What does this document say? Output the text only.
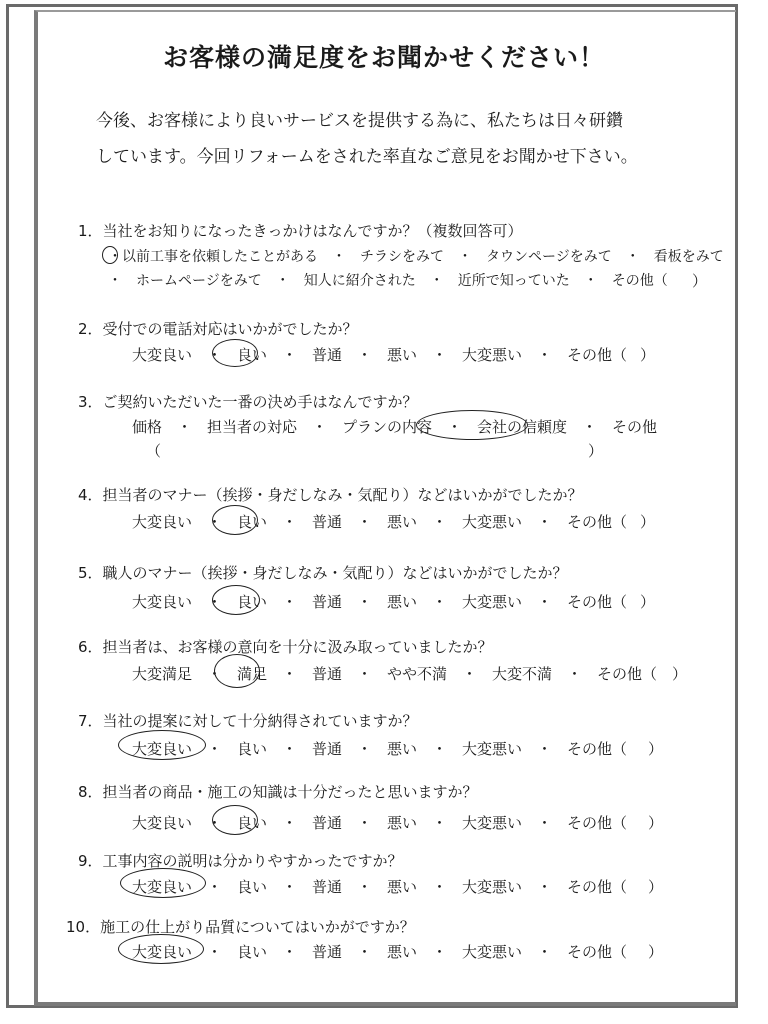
お客様の満足度をお聞かせください！

今後、お客様により良いサービスを提供する為に、私たちは日々研鑽

しています。今回リフォームをされた率直なご意見をお聞かせ下さい。

1．当社をお知りになったきっかけはなんですか？（複数回答可）

・以前工事を依頼したことがある　・　チラシをみて　・　タウンページをみて　・　看板をみて

・　ホームページをみて　・　知人に紹介された　・　近所で知っていた　・　その他（ ）

2．受付での電話対応はいかがでしたか？

大変良い　・　良い　・　普通　・　悪い　・　大変悪い　・　その他（ ）

3．ご契約いただいた一番の決め手はなんですか？

価格　・　担当者の対応　・　プランの内容　・　会社の信頼度　・　その他

（	）

4．担当者のマナー（挨拶・身だしなみ・気配り）などはいかがでしたか？

大変良い　・　良い　・　普通　・　悪い　・　大変悪い　・　その他（ ）

5．職人のマナー（挨拶・身だしなみ・気配り）などはいかがでしたか？

大変良い　・　良い　・　普通　・　悪い　・　大変悪い　・　その他（ ）

6．担当者は、お客様の意向を十分に汲み取っていましたか？

大変満足　・　満足　・　普通　・　やや不満　・　大変不満　・　その他（ ）

7．当社の提案に対して十分納得されていますか？

大変良い　・　良い　・　普通　・　悪い　・　大変悪い　・　その他（ ）

8．担当者の商品・施工の知識は十分だったと思いますか？

大変良い　・　良い　・　普通　・　悪い　・　大変悪い　・　その他（ ）

9．工事内容の説明は分かりやすかったですか？

大変良い　・　良い　・　普通　・　悪い　・　大変悪い　・　その他（ ）

10．施工の仕上がり品質についてはいかがですか？

大変良い　・　良い　・　普通　・　悪い　・　大変悪い　・　その他（ ）
